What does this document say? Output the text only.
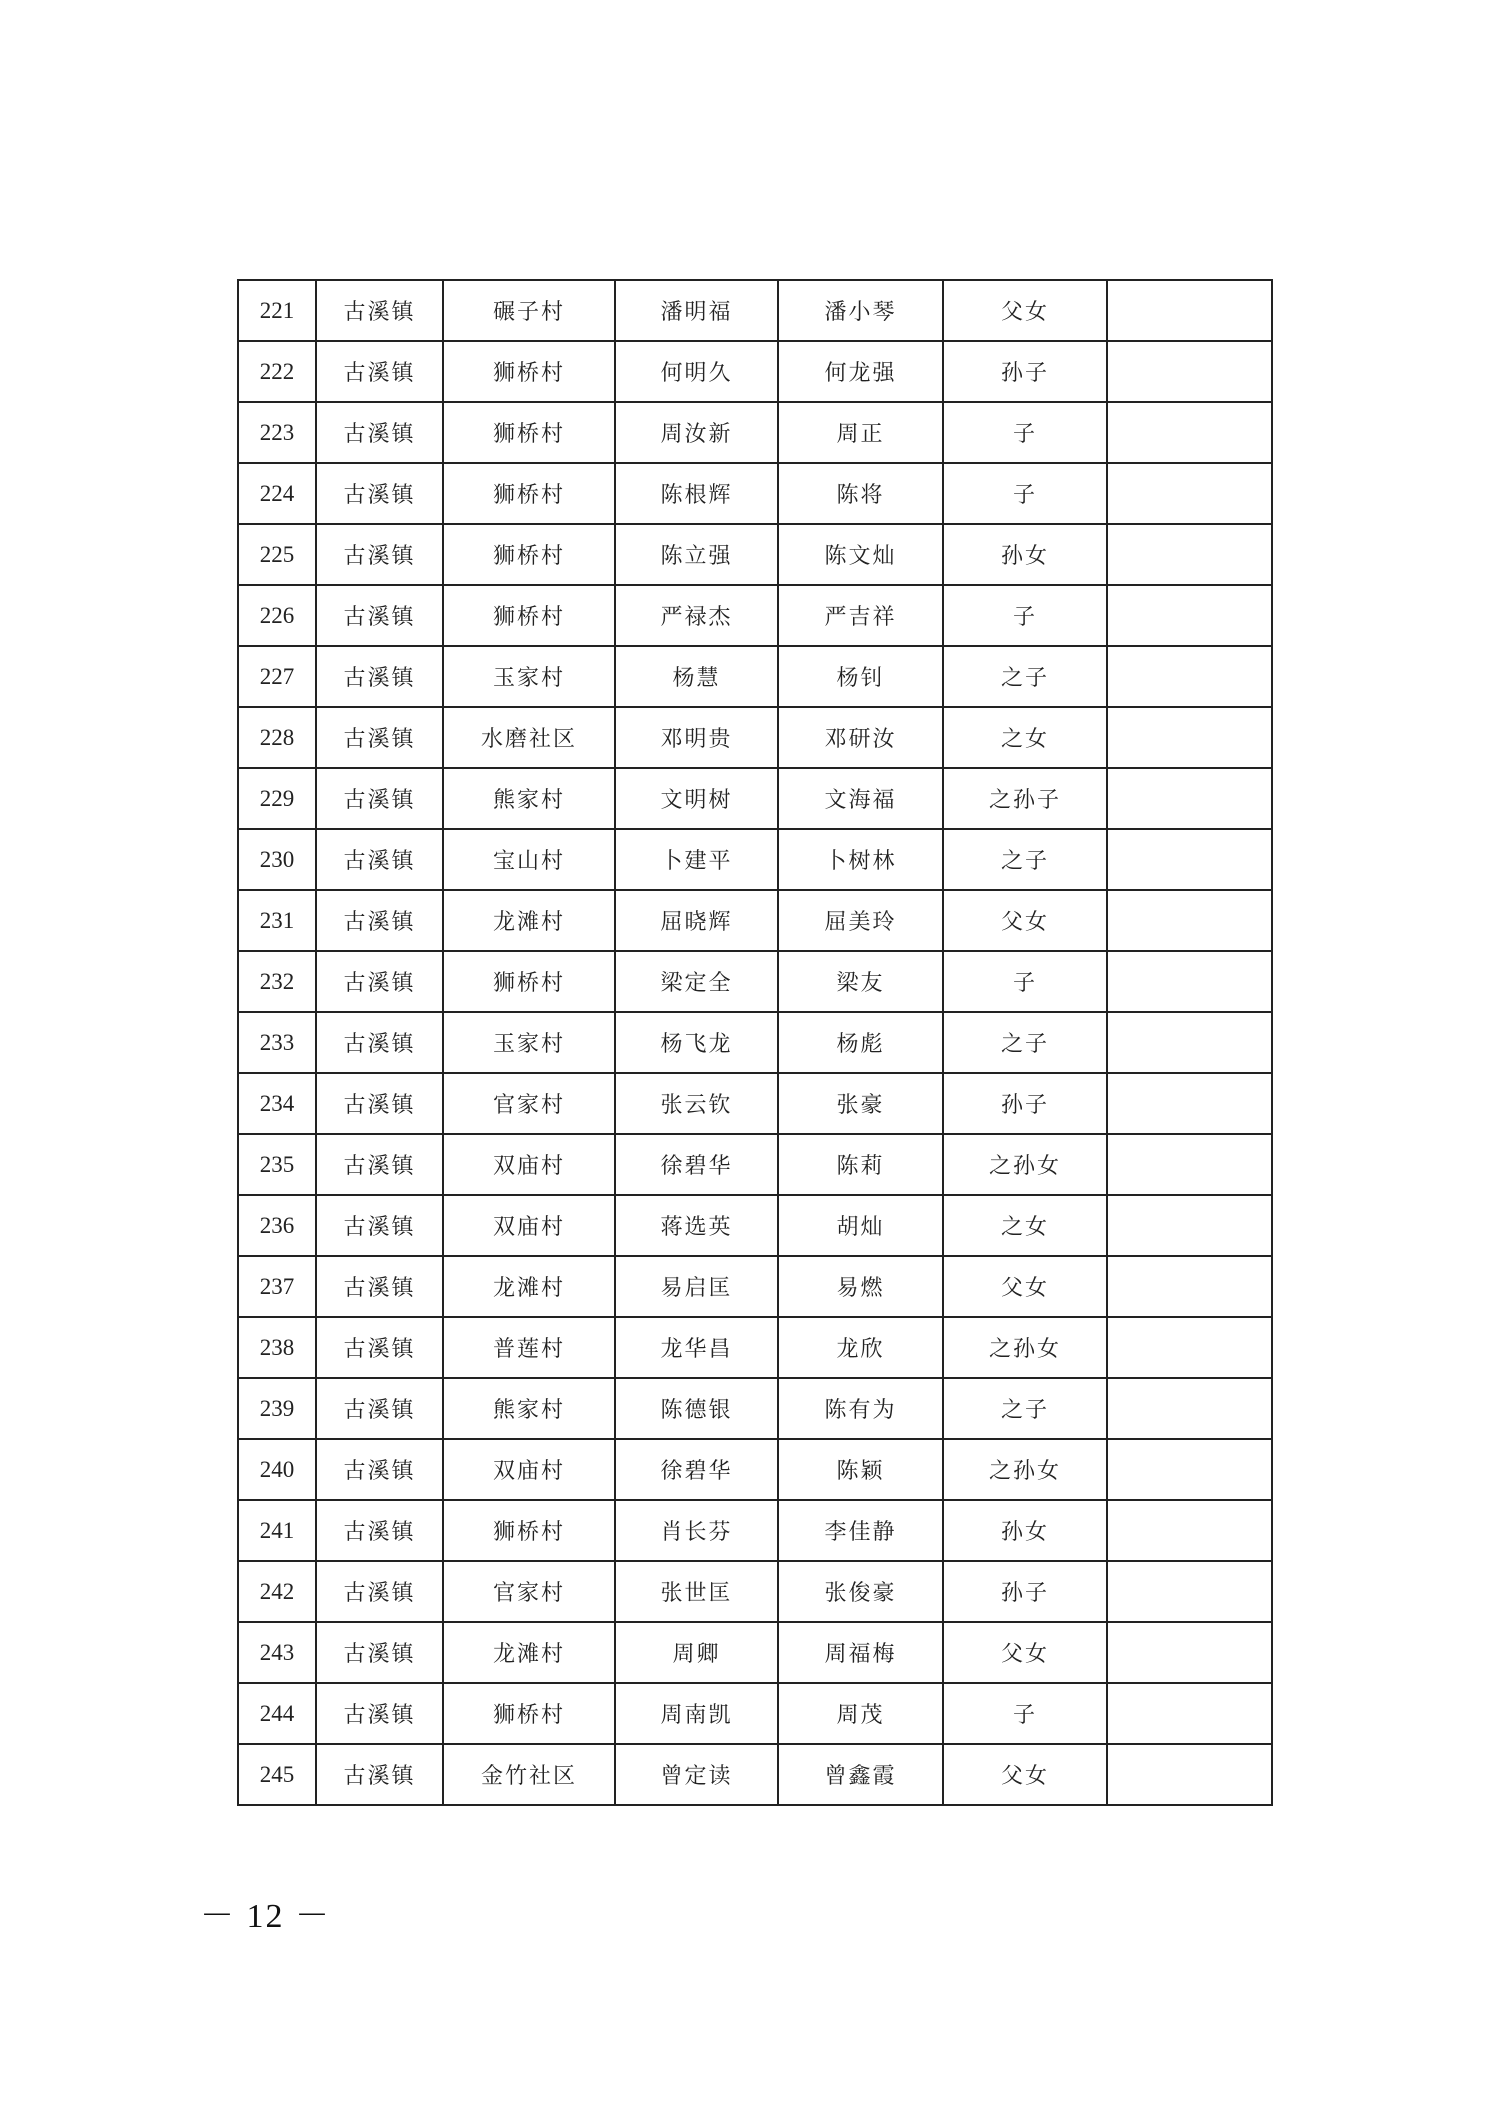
221	古溪镇	碾子村	潘明福	潘小琴	父女	
222	古溪镇	狮桥村	何明久	何龙强	孙子	
223	古溪镇	狮桥村	周汝新	周正	子	
224	古溪镇	狮桥村	陈根辉	陈将	子	
225	古溪镇	狮桥村	陈立强	陈文灿	孙女	
226	古溪镇	狮桥村	严禄杰	严吉祥	子	
227	古溪镇	玉家村	杨慧	杨钊	之子	
228	古溪镇	水磨社区	邓明贵	邓研汝	之女	
229	古溪镇	熊家村	文明树	文海福	之孙子	
230	古溪镇	宝山村	卜建平	卜树林	之子	
231	古溪镇	龙滩村	屈晓辉	屈美玲	父女	
232	古溪镇	狮桥村	梁定全	梁友	子	
233	古溪镇	玉家村	杨飞龙	杨彪	之子	
234	古溪镇	官家村	张云钦	张豪	孙子	
235	古溪镇	双庙村	徐碧华	陈莉	之孙女	
236	古溪镇	双庙村	蒋选英	胡灿	之女	
237	古溪镇	龙滩村	易启匡	易燃	父女	
238	古溪镇	普莲村	龙华昌	龙欣	之孙女	
239	古溪镇	熊家村	陈德银	陈有为	之子	
240	古溪镇	双庙村	徐碧华	陈颖	之孙女	
241	古溪镇	狮桥村	肖长芬	李佳静	孙女	
242	古溪镇	官家村	张世匡	张俊豪	孙子	
243	古溪镇	龙滩村	周卿	周福梅	父女	
244	古溪镇	狮桥村	周南凯	周茂	子	
245	古溪镇	金竹社区	曾定读	曾鑫霞	父女	
－ 12 －
